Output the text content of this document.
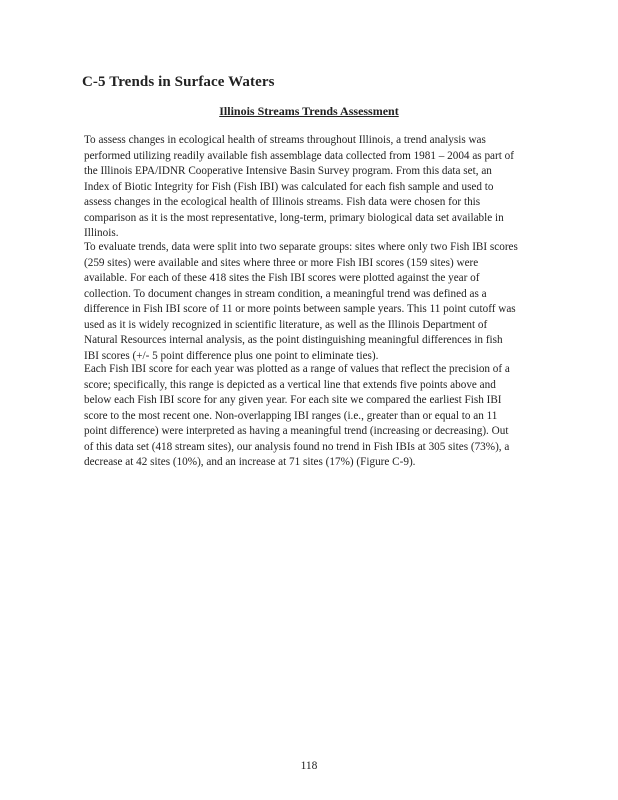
C-5 Trends in Surface Waters
Illinois Streams Trends Assessment

To assess changes in ecological health of streams throughout Illinois, a trend analysis was
performed utilizing readily available fish assemblage data collected from 1981 – 2004 as part of
the Illinois EPA/IDNR Cooperative Intensive Basin Survey program. From this data set, an
Index of Biotic Integrity for Fish (Fish IBI) was calculated for each fish sample and used to
assess changes in the ecological health of Illinois streams. Fish data were chosen for this
comparison as it is the most representative, long-term, primary biological data set available in
Illinois.

To evaluate trends, data were split into two separate groups: sites where only two Fish IBI scores
(259 sites) were available and sites where three or more Fish IBI scores (159 sites) were
available. For each of these 418 sites the Fish IBI scores were plotted against the year of
collection. To document changes in stream condition, a meaningful trend was defined as a
difference in Fish IBI score of 11 or more points between sample years. This 11 point cutoff was
used as it is widely recognized in scientific literature, as well as the Illinois Department of
Natural Resources internal analysis, as the point distinguishing meaningful differences in fish
IBI scores (+/- 5 point difference plus one point to eliminate ties).

Each Fish IBI score for each year was plotted as a range of values that reflect the precision of a
score; specifically, this range is depicted as a vertical line that extends five points above and
below each Fish IBI score for any given year. For each site we compared the earliest Fish IBI
score to the most recent one. Non-overlapping IBI ranges (i.e., greater than or equal to an 11
point difference) were interpreted as having a meaningful trend (increasing or decreasing). Out
of this data set (418 stream sites), our analysis found no trend in Fish IBIs at 305 sites (73%), a
decrease at 42 sites (10%), and an increase at 71 sites (17%) (Figure C-9).

118
